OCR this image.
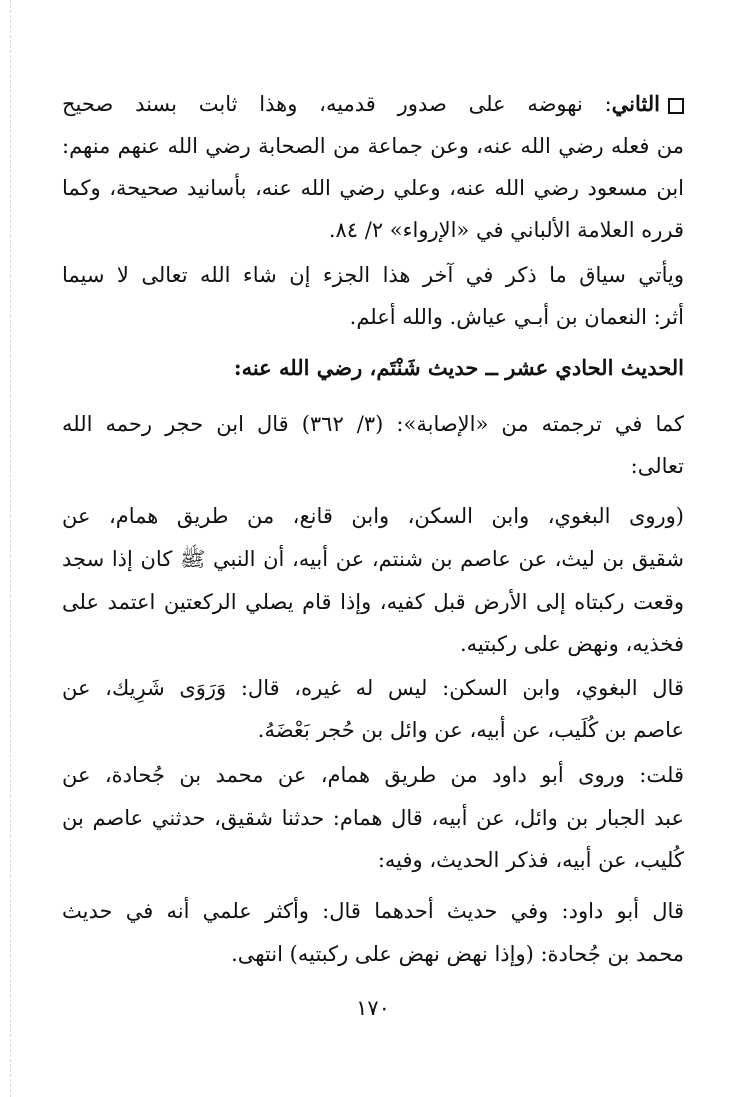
الثاني: نهوضه على صدور قدميه، وهذا ثابت بسند صحيح
من فعله رضي الله عنه، وعن جماعة من الصحابة رضي الله عنهم منهم:
ابن مسعود رضي الله عنه، وعلي رضي الله عنه، بأسانيد صحيحة، وكما
قرره العلامة الألباني في «الإرواء» ٢/ ٨٤.
ويأتي سياق ما ذكر في آخر هذا الجزء إن شاء الله تعالى لا سيما
أثر: النعمان بن أبـي عياش. والله أعلم.
الحديث الحادي عشر ــ حديث شَنْتَم، رضي الله عنه:
كما في ترجمته من «الإصابة»: (٣/ ٣٦٢) قال ابن حجر رحمه الله
تعالى:
(وروى البغوي، وابن السكن، وابن قانع، من طريق همام، عن
شقيق بن ليث، عن عاصم بن شنتم، عن أبيه، أن النبي ﷺ كان إذا سجد
وقعت ركبتاه إلى الأرض قبل كفيه، وإذا قام يصلي الركعتين اعتمد على
فخذيه، ونهض على ركبتيه.
قال البغوي، وابن السكن: ليس له غيره، قال: وَرَوَى شَرِيك، عن
عاصم بن كُلَيب، عن أبيه، عن وائل بن حُجر بَعْضَهُ.
قلت: وروى أبو داود من طريق همام، عن محمد بن جُحادة، عن
عبد الجبار بن وائل، عن أبيه، قال همام: حدثنا شقيق، حدثني عاصم بن
كُليب، عن أبيه، فذكر الحديث، وفيه:
قال أبو داود: وفي حديث أحدهما قال: وأكثر علمي أنه في حديث
محمد بن جُحادة: (وإذا نهض نهض على ركبتيه) انتهى.
١٧٠
